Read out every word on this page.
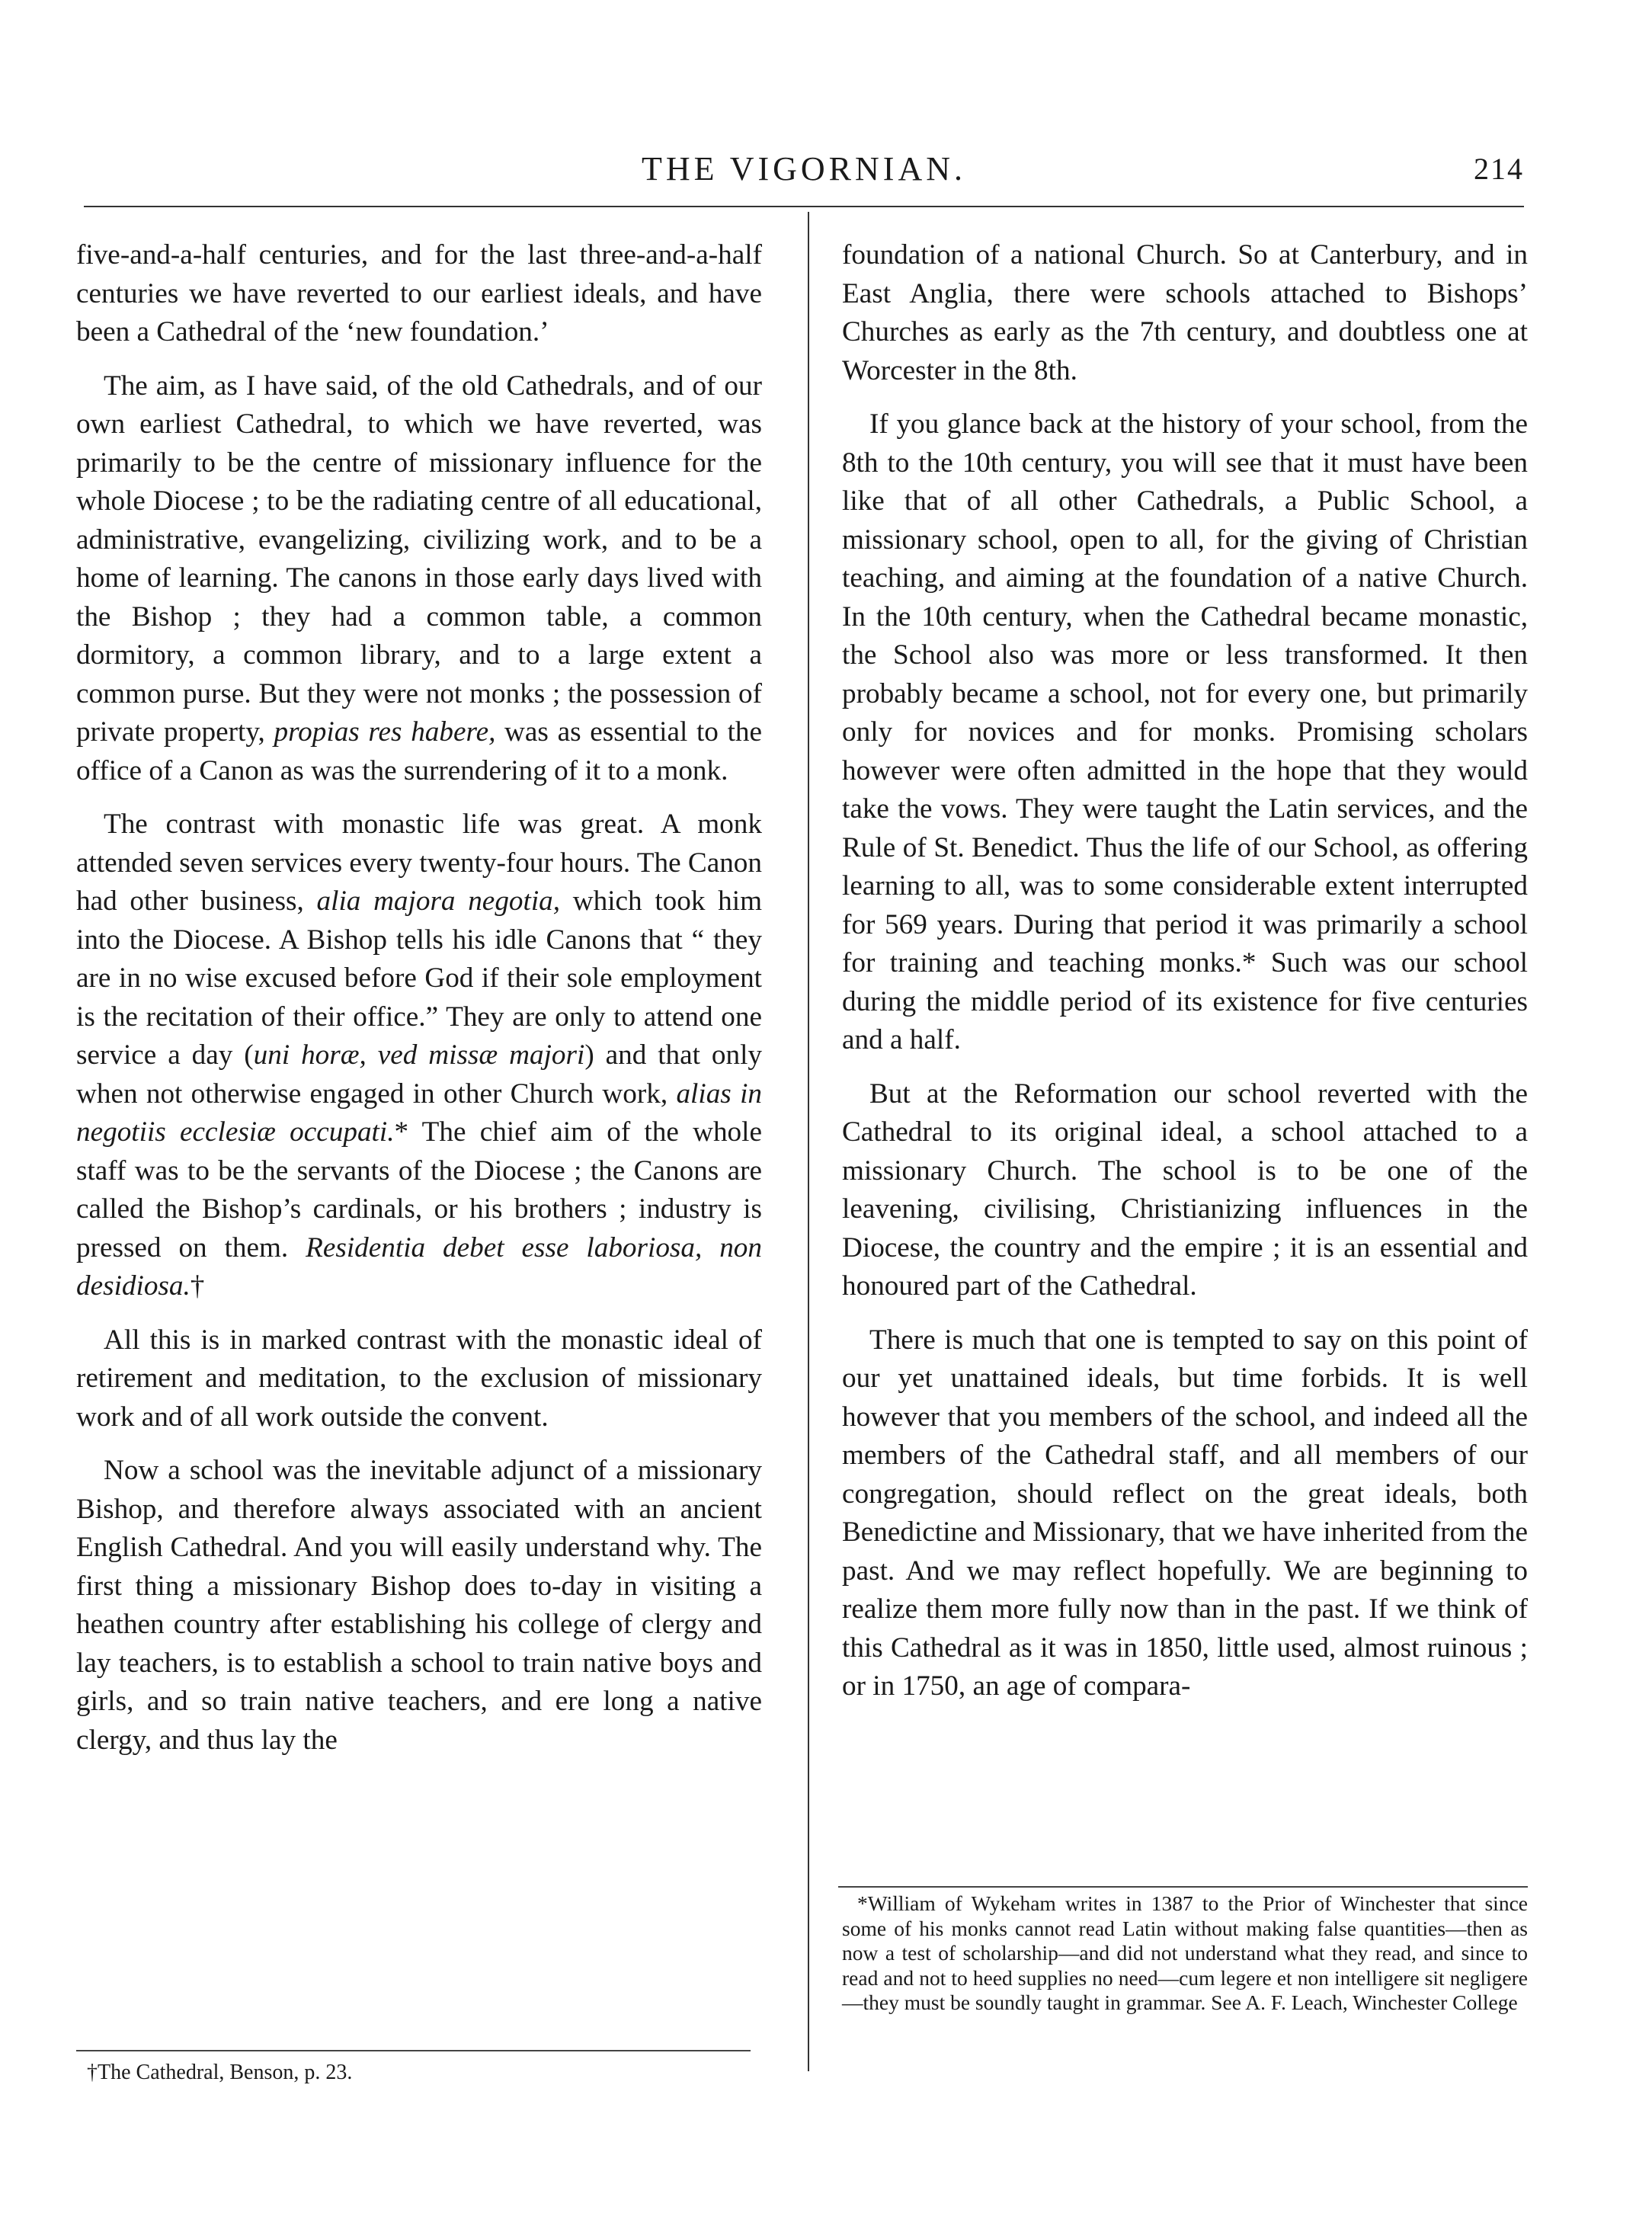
THE VIGORNIAN.	214

five-and-a-half centuries, and for the last three-and-a-half centuries we have reverted to our earliest ideals, and have been a Cathedral of the ‘new foundation.’

The aim, as I have said, of the old Cathedrals, and of our own earliest Cathedral, to which we have reverted, was primarily to be the centre of missionary influence for the whole Diocese ; to be the radiating centre of all educational, administrative, evangelizing, civilizing work, and to be a home of learning. The canons in those early days lived with the Bishop ; they had a common table, a common dormitory, a common library, and to a large extent a common purse. But they were not monks ; the possession of private property, propias res habere, was as essential to the office of a Canon as was the surrendering of it to a monk.

The contrast with monastic life was great. A monk attended seven services every twenty-four hours. The Canon had other business, alia majora negotia, which took him into the Diocese. A Bishop tells his idle Canons that “ they are in no wise excused before God if their sole employment is the recitation of their office.” They are only to attend one service a day (uni horæ, ved missæ majori) and that only when not otherwise engaged in other Church work, alias in negotiis ecclesiæ occupati.* The chief aim of the whole staff was to be the servants of the Diocese ; the Canons are called the Bishop’s cardinals, or his brothers ; industry is pressed on them. Residentia debet esse laboriosa, non desidiosa.†

All this is in marked contrast with the monastic ideal of retirement and meditation, to the exclusion of missionary work and of all work outside the convent.

Now a school was the inevitable adjunct of a missionary Bishop, and therefore always associated with an ancient English Cathedral. And you will easily understand why. The first thing a missionary Bishop does to-day in visiting a heathen country after establishing his college of clergy and lay teachers, is to establish a school to train native boys and girls, and so train native teachers, and ere long a native clergy, and thus lay the

†The Cathedral, Benson, p. 23.

foundation of a national Church. So at Canterbury, and in East Anglia, there were schools attached to Bishops’ Churches as early as the 7th century, and doubtless one at Worcester in the 8th.

If you glance back at the history of your school, from the 8th to the 10th century, you will see that it must have been like that of all other Cathedrals, a Public School, a missionary school, open to all, for the giving of Christian teaching, and aiming at the foundation of a native Church. In the 10th century, when the Cathedral became monastic, the School also was more or less transformed. It then probably became a school, not for every one, but primarily only for novices and for monks. Promising scholars however were often admitted in the hope that they would take the vows. They were taught the Latin services, and the Rule of St. Benedict. Thus the life of our School, as offering learning to all, was to some considerable extent interrupted for 569 years. During that period it was primarily a school for training and teaching monks.* Such was our school during the middle period of its existence for five centuries and a half.

But at the Reformation our school reverted with the Cathedral to its original ideal, a school attached to a missionary Church. The school is to be one of the leavening, civilising, Christianizing influences in the Diocese, the country and the empire ; it is an essential and honoured part of the Cathedral.

There is much that one is tempted to say on this point of our yet unattained ideals, but time forbids. It is well however that you members of the school, and indeed all the members of the Cathedral staff, and all members of our congregation, should reflect on the great ideals, both Benedictine and Missionary, that we have inherited from the past. And we may reflect hopefully. We are beginning to realize them more fully now than in the past. If we think of this Cathedral as it was in 1850, little used, almost ruinous ; or in 1750, an age of compara-

*William of Wykeham writes in 1387 to the Prior of Winchester that since some of his monks cannot read Latin without making false quantities—then as now a test of scholarship—and did not understand what they read, and since to read and not to heed supplies no need—cum legere et non intelligere sit negligere—they must be soundly taught in grammar. See A. F. Leach, Winchester College
